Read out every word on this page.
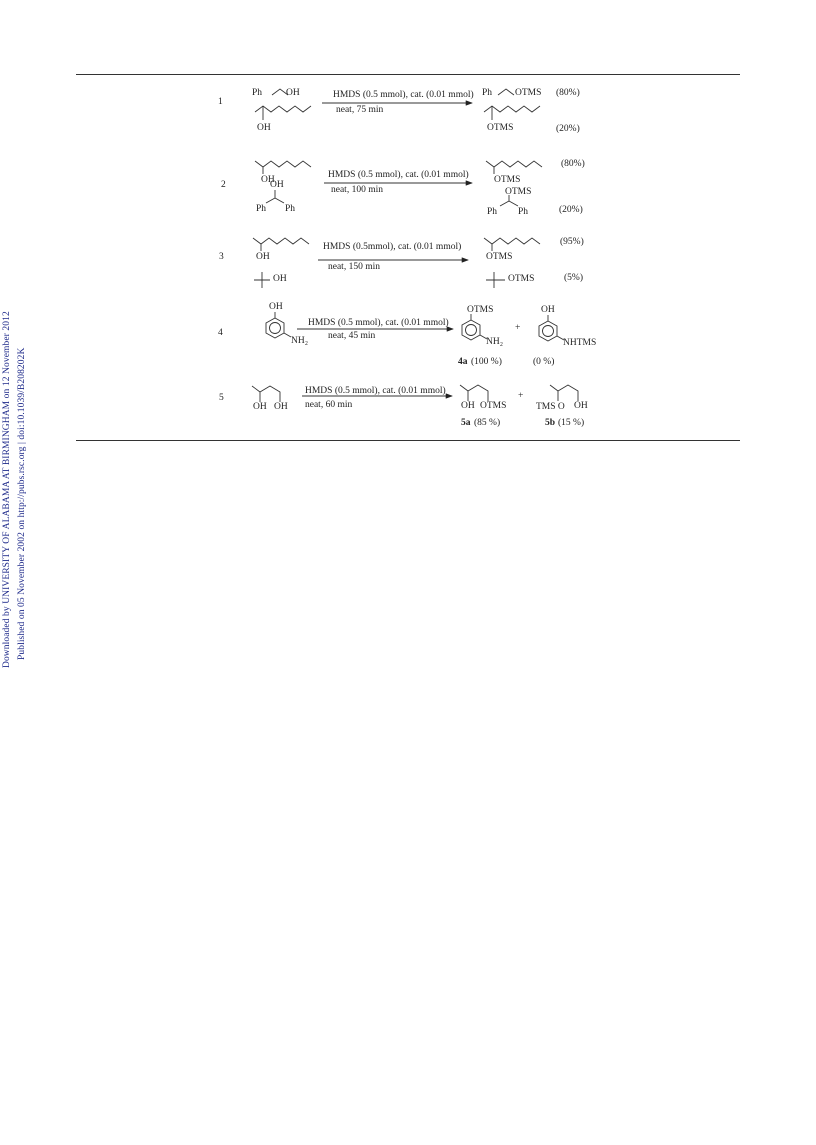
Downloaded by UNIVERSITY OF ALABAMA AT BIRMINGHAM on 12 November 2012 Published on 05 November 2002 on http://pubs.rsc.org | doi:10.1039/B208202K
1
2
3
4
5
Ph	OH
OH
HMDS (0.5 mmol), cat. (0.01 mmol)
neat, 75 min
Ph OTMS (80%)
OTMS	(20%)
OH
OH
Ph Ph
HMDS (0.5 mmol), cat. (0.01 mmol)
neat, 100 min
(80%)
OTMS
OTMS
Ph Ph	(20%)
OH
OH
HMDS (0.5mmol), cat. (0.01 mmol)
neat, 150 min
(95%)
OTMS
OTMS	(5%)
OH
NH₂
HMDS (0.5 mmol), cat. (0.01 mmol)
neat, 45 min
OTMS
NH₂
4a (100 %)
+
OH
NHTMS
(0 %)
OH OH
HMDS (0.5 mmol), cat. (0.01 mmol)
neat, 60 min	OH OTMS
5a (85 %)
+
TMS O OH
5b (15 %)
